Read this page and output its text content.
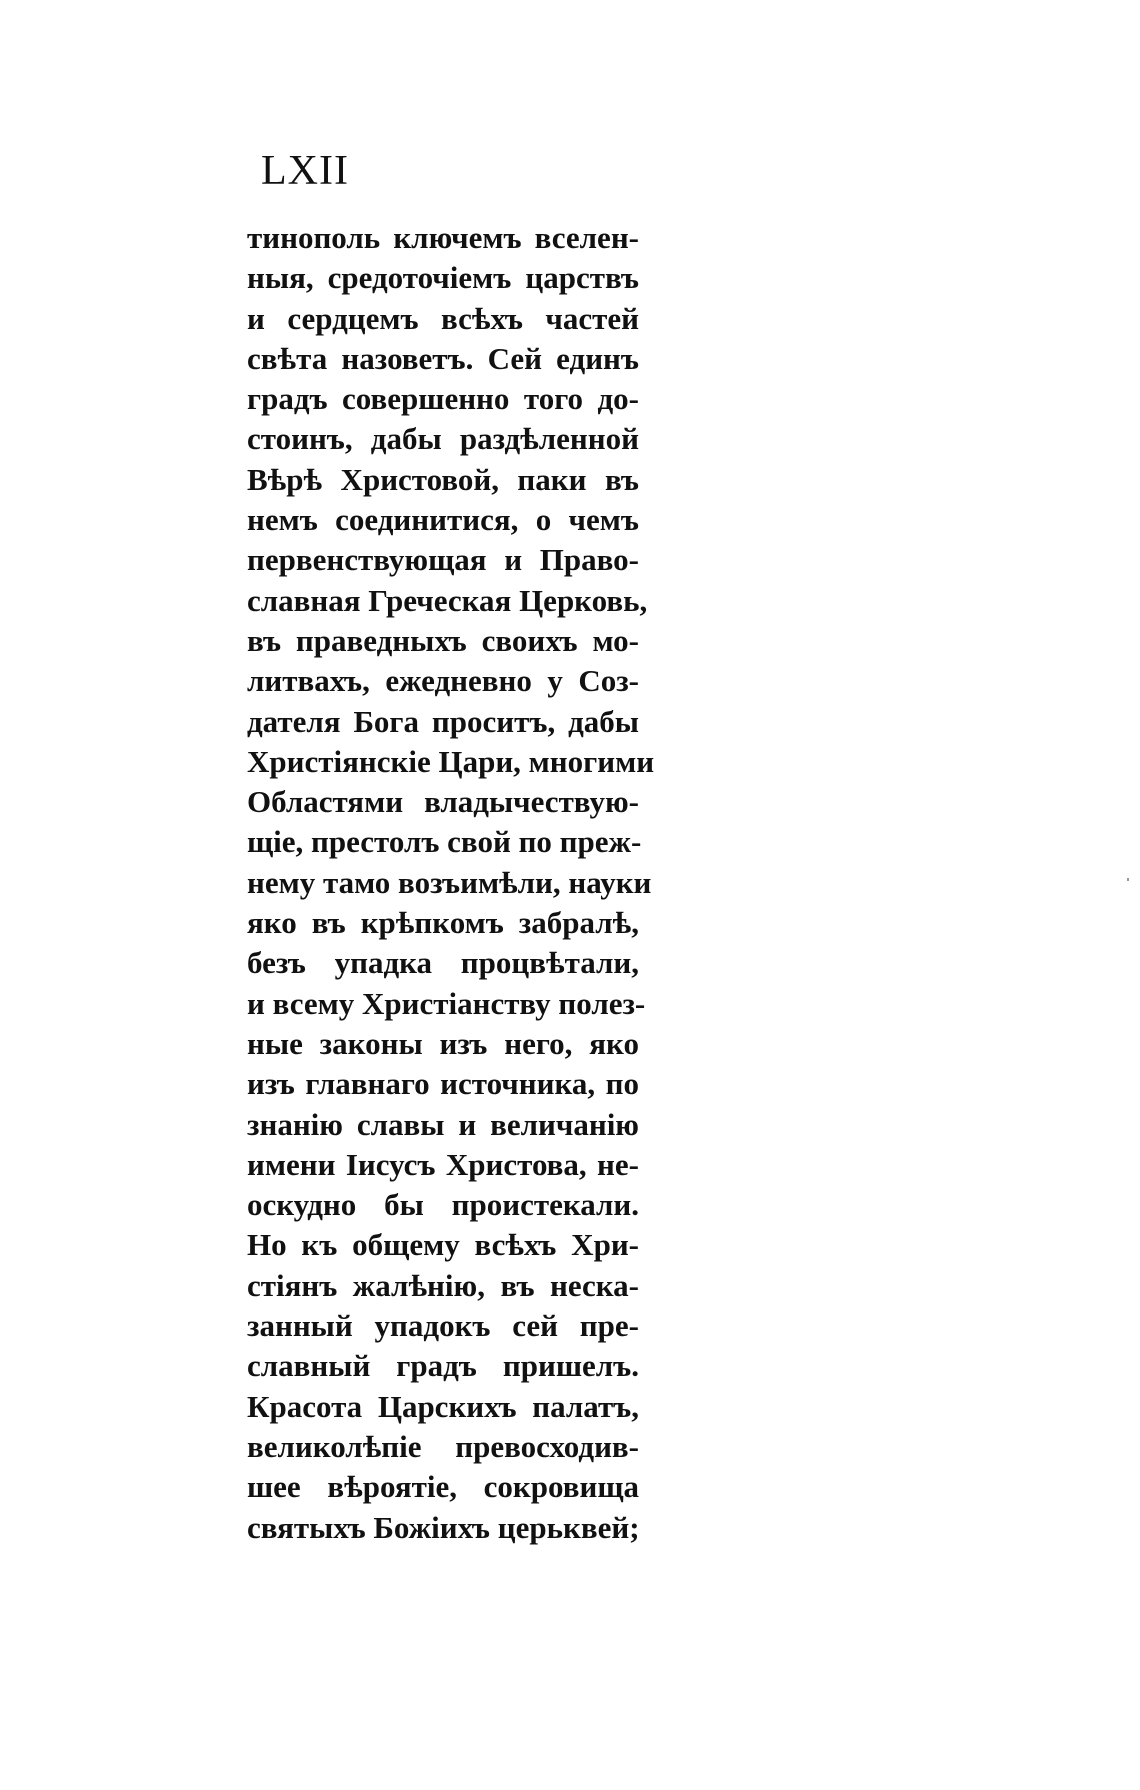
LXII
тинополь ключемъ вселен-
ныя, средоточіемъ царствъ
и сердцемъ всѣхъ частей
свѣта назоветъ. Сей единъ
градъ совершенно того до-
стоинъ, дабы раздѣленной
Вѣрѣ Христовой, паки въ
немъ соединитися, о чемъ
первенствующая и Право-
славная Греческая Церковь,
въ праведныхъ своихъ мо-
литвахъ, ежедневно у Соз-
дателя Бога проситъ, дабы
Христіянскіе Цари, многими
Областями владычествую-
щіе, престолъ свой по преж-
нему тамо возъимѣли, науки
яко въ крѣпкомъ забралѣ,
безъ упадка процвѣтали,
и всему Христіанству полез-
ные законы изъ него, яко
изъ главнаго источника, по
знанію славы и величанію
имени Іисусъ Христова, не-
оскудно бы проистекали.
Но къ общему всѣхъ Хри-
стіянъ жалѣнію, въ неска-
занный упадокъ сей пре-
славный градъ пришелъ.
Красота Царскихъ палатъ,
великолѣпіе превосходив-
шее вѣроятіе, сокровища
святыхъ Божіихъ церьквей;
